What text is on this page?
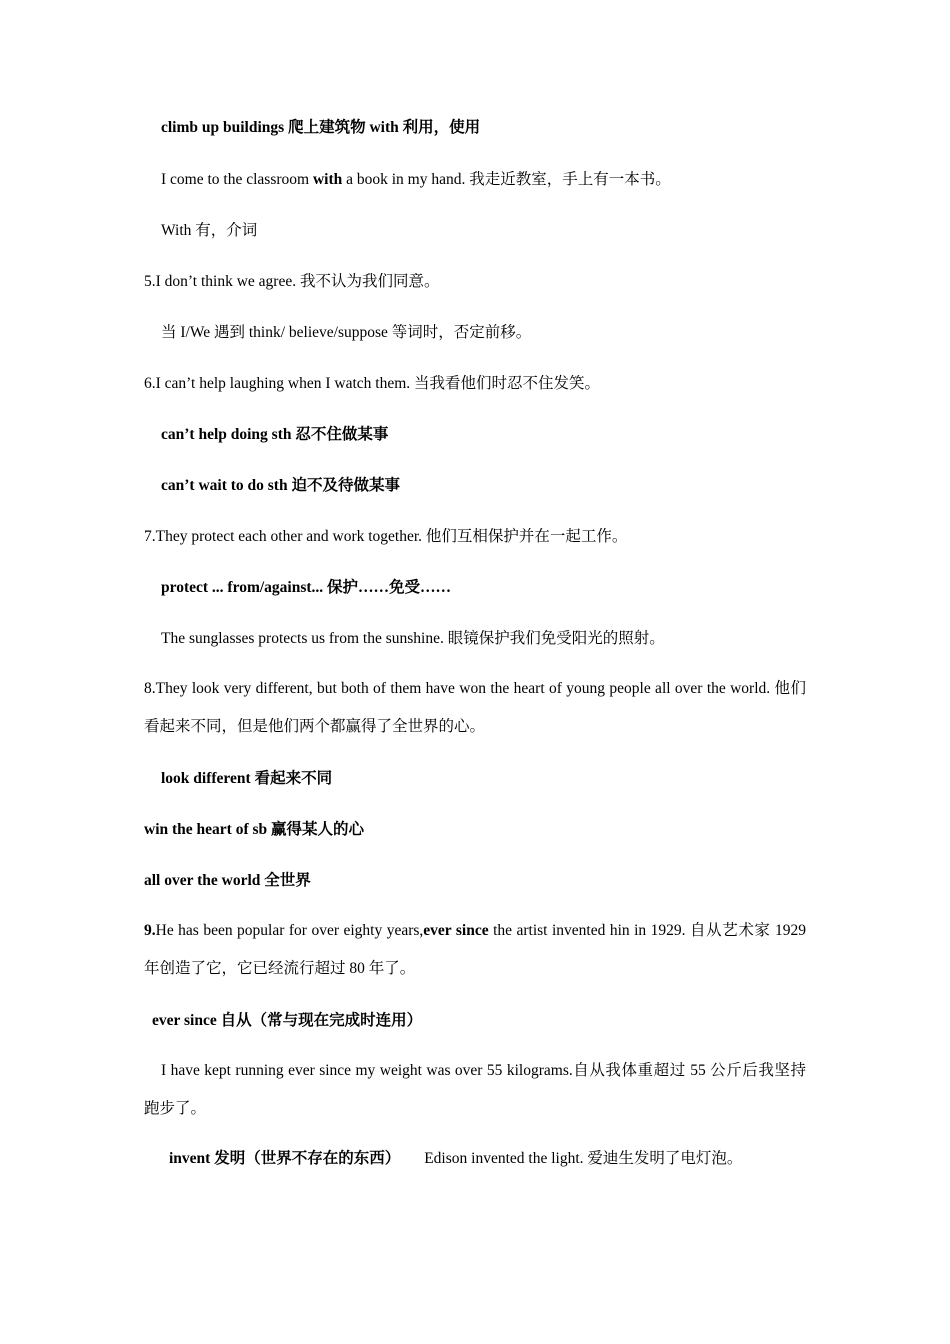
climb up buildings 爬上建筑物 with 利用，使用
I come to the classroom with a book in my hand. 我走近教室，手上有一本书。
With 有，介词
5.I don’t think we agree. 我不认为我们同意。
当 I/We 遇到 think/ believe/suppose 等词时，否定前移。
6.I can’t help laughing when I watch them. 当我看他们时忍不住发笑。
can’t help doing sth 忍不住做某事
can’t wait to do sth 迫不及待做某事
7.They protect each other and work together. 他们互相保护并在一起工作。
protect ... from/against... 保护……免受……
The sunglasses protects us from the sunshine. 眼镜保护我们免受阳光的照射。
8.They look very different, but both of them have won the heart of young people all over the world. 他们看起来不同，但是他们两个都赢得了全世界的心。
look different 看起来不同
win the heart of sb 赢得某人的心
all over the world 全世界
9.He has been popular for over eighty years,ever since the artist invented hin in 1929. 自从艺术家 1929 年创造了它，它已经流行超过 80 年了。
ever since 自从（常与现在完成时连用）
I have kept running ever since my weight was over 55 kilograms.自从我体重超过 55 公斤后我坚持跑步了。
invent 发明（世界不存在的东西） Edison invented the light. 爱迪生发明了电灯泡。
